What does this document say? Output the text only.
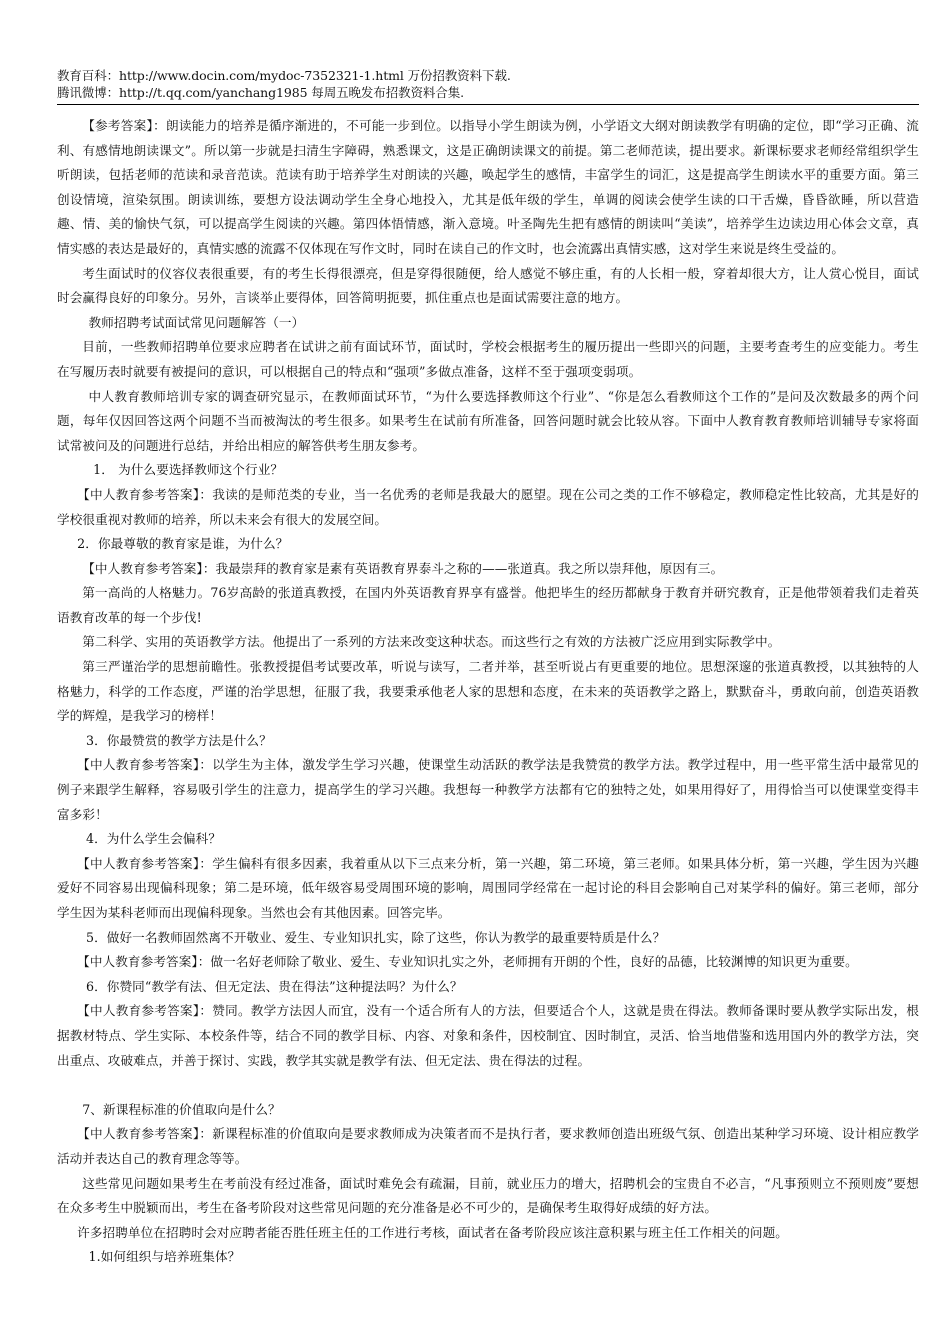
教育百科：http://www.docin.com/mydoc-7352321-1.html 万份招教资料下载.
腾讯微博：http://t.qq.com/yanchang1985 每周五晚发布招教资料合集.

【参考答案】：朗读能力的培养是循序渐进的，不可能一步到位。以指导小学生朗读为例，小学语文大纲对朗读教学有明确的定位，即“学习正确、流利、有感情地朗读课文”。所以第一步就是扫清生字障碍，熟悉课文，这是正确朗读课文的前提。第二老师范读，提出要求。新课标要求老师经常组织学生听朗读，包括老师的范读和录音范读。范读有助于培养学生对朗读的兴趣，唤起学生的感情，丰富学生的词汇，这是提高学生朗读水平的重要方面。第三创设情境，渲染氛围。朗读训练，要想方设法调动学生全身心地投入，尤其是低年级的学生，单调的阅读会使学生读的口干舌燥，昏昏欲睡，所以营造趣、情、美的愉快气氛，可以提高学生阅读的兴趣。第四体悟情感，渐入意境。叶圣陶先生把有感情的朗读叫“美读”，培养学生边读边用心体会文章，真情实感的表达是最好的，真情实感的流露不仅体现在写作文时，同时在读自己的作文时，也会流露出真情实感，这对学生来说是终生受益的。

考生面试时的仪容仪表很重要，有的考生长得很漂亮，但是穿得很随便，给人感觉不够庄重，有的人长相一般，穿着却很大方，让人赏心悦目，面试时会赢得良好的印象分。另外，言谈举止要得体，回答简明扼要，抓住重点也是面试需要注意的地方。

教师招聘考试面试常见问题解答（一）

目前，一些教师招聘单位要求应聘者在试讲之前有面试环节，面试时，学校会根据考生的履历提出一些即兴的问题，主要考查考生的应变能力。考生在写履历表时就要有被提问的意识，可以根据自己的特点和“强项”多做点准备，这样不至于强项变弱项。

中人教育教师培训专家的调查研究显示，在教师面试环节，“为什么要选择教师这个行业”、“你是怎么看教师这个工作的”是问及次数最多的两个问题，每年仅因回答这两个问题不当而被淘汰的考生很多。如果考生在试前有所准备，回答问题时就会比较从容。下面中人教育教育教师培训辅导专家将面试常被问及的问题进行总结，并给出相应的解答供考生朋友参考。

1． 为什么要选择教师这个行业？

【中人教育参考答案】：我读的是师范类的专业，当一名优秀的老师是我最大的愿望。现在公司之类的工作不够稳定，教师稳定性比较高，尤其是好的学校很重视对教师的培养，所以未来会有很大的发展空间。

2．你最尊敬的教育家是谁，为什么？

【中人教育参考答案】：我最崇拜的教育家是素有英语教育界泰斗之称的——张道真。我之所以崇拜他，原因有三。

第一高尚的人格魅力。76岁高龄的张道真教授，在国内外英语教育界享有盛誉。他把毕生的经历都献身于教育并研究教育，正是他带领着我们走着英语教育改革的每一个步伐!

第二科学、实用的英语教学方法。他提出了一系列的方法来改变这种状态。而这些行之有效的方法被广泛应用到实际教学中。

第三严谨治学的思想前瞻性。张教授提倡考试要改革，听说与读写，二者并举，甚至听说占有更重要的地位。思想深邃的张道真教授，以其独特的人格魅力，科学的工作态度，严谨的治学思想，征服了我，我要秉承他老人家的思想和态度，在未来的英语教学之路上，默默奋斗，勇敢向前，创造英语教学的辉煌，是我学习的榜样！

3．你最赞赏的教学方法是什么？

【中人教育参考答案】：以学生为主体，激发学生学习兴趣，使课堂生动活跃的教学法是我赞赏的教学方法。教学过程中，用一些平常生活中最常见的例子来跟学生解释，容易吸引学生的注意力，提高学生的学习兴趣。我想每一种教学方法都有它的独特之处，如果用得好了，用得恰当可以使课堂变得丰富多彩！

4．为什么学生会偏科？

【中人教育参考答案】：学生偏科有很多因素，我着重从以下三点来分析，第一兴趣，第二环境，第三老师。如果具体分析，第一兴趣，学生因为兴趣爱好不同容易出现偏科现象；第二是环境，低年级容易受周围环境的影响，周围同学经常在一起讨论的科目会影响自己对某学科的偏好。第三老师，部分学生因为某科老师而出现偏科现象。当然也会有其他因素。回答完毕。

5．做好一名教师固然离不开敬业、爱生、专业知识扎实，除了这些，你认为教学的最重要特质是什么？

【中人教育参考答案】：做一名好老师除了敬业、爱生、专业知识扎实之外，老师拥有开朗的个性，良好的品德，比较渊博的知识更为重要。

6．你赞同“教学有法、但无定法、贵在得法”这种提法吗？为什么？

【中人教育参考答案】：赞同。教学方法因人而宜，没有一个适合所有人的方法，但要适合个人，这就是贵在得法。教师备课时要从教学实际出发，根据教材特点、学生实际、本校条件等，结合不同的教学目标、内容、对象和条件，因校制宜、因时制宜，灵活、恰当地借鉴和选用国内外的教学方法，突出重点、攻破难点，并善于探讨、实践，教学其实就是教学有法、但无定法、贵在得法的过程。

7、新课程标准的价值取向是什么？

【中人教育参考答案】：新课程标准的价值取向是要求教师成为决策者而不是执行者，要求教师创造出班级气氛、创造出某种学习环境、设计相应教学活动并表达自己的教育理念等等。

这些常见问题如果考生在考前没有经过准备，面试时难免会有疏漏，目前，就业压力的增大，招聘机会的宝贵自不必言，“凡事预则立不预则废”要想在众多考生中脱颖而出，考生在备考阶段对这些常见问题的充分准备是必不可少的，是确保考生取得好成绩的好方法。

许多招聘单位在招聘时会对应聘者能否胜任班主任的工作进行考核，面试者在备考阶段应该注意积累与班主任工作相关的问题。

1.如何组织与培养班集体？
